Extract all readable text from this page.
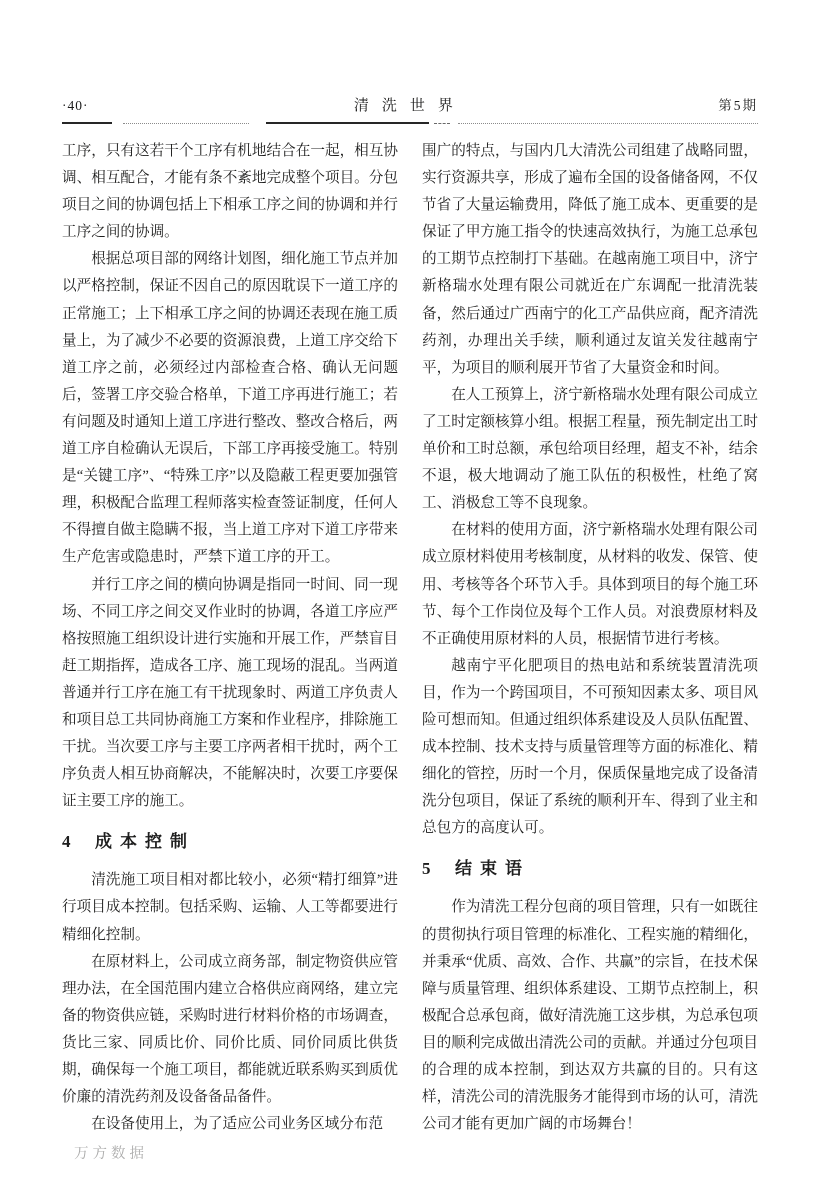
·40·	清洗世界	第5期

工序，只有这若干个工序有机地结合在一起，相互协调、相互配合，才能有条不紊地完成整个项目。分包项目之间的协调包括上下相承工序之间的协调和并行工序之间的协调。

根据总项目部的网络计划图，细化施工节点并加以严格控制，保证不因自己的原因耽误下一道工序的正常施工；上下相承工序之间的协调还表现在施工质量上，为了减少不必要的资源浪费，上道工序交给下道工序之前，必须经过内部检查合格、确认无问题后，签署工序交验合格单，下道工序再进行施工；若有问题及时通知上道工序进行整改、整改合格后，两道工序自检确认无误后，下部工序再接受施工。特别是“关键工序”、“特殊工序”以及隐蔽工程更要加强管理，积极配合监理工程师落实检查签证制度，任何人不得擅自做主隐瞒不报，当上道工序对下道工序带来生产危害或隐患时，严禁下道工序的开工。

并行工序之间的横向协调是指同一时间、同一现场、不同工序之间交叉作业时的协调，各道工序应严格按照施工组织设计进行实施和开展工作，严禁盲目赶工期指挥，造成各工序、施工现场的混乱。当两道普通并行工序在施工有干扰现象时、两道工序负责人和项目总工共同协商施工方案和作业程序，排除施工干扰。当次要工序与主要工序两者相干扰时，两个工序负责人相互协商解决，不能解决时，次要工序要保证主要工序的施工。

4 成本控制

清洗施工项目相对都比较小，必须“精打细算”进行项目成本控制。包括采购、运输、人工等都要进行精细化控制。

在原材料上，公司成立商务部，制定物资供应管理办法，在全国范围内建立合格供应商网络，建立完备的物资供应链，采购时进行材料价格的市场调查，货比三家、同质比价、同价比质、同价同质比供货期，确保每一个施工项目，都能就近联系购买到质优价廉的清洗药剂及设备备品备件。

在设备使用上，为了适应公司业务区域分布范

围广的特点，与国内几大清洗公司组建了战略同盟，实行资源共享，形成了遍布全国的设备储备网，不仅节省了大量运输费用，降低了施工成本、更重要的是保证了甲方施工指令的快速高效执行，为施工总承包的工期节点控制打下基础。在越南施工项目中，济宁新格瑞水处理有限公司就近在广东调配一批清洗装备，然后通过广西南宁的化工产品供应商，配齐清洗药剂，办理出关手续，顺利通过友谊关发往越南宁平，为项目的顺利展开节省了大量资金和时间。

在人工预算上，济宁新格瑞水处理有限公司成立了工时定额核算小组。根据工程量，预先制定出工时单价和工时总额，承包给项目经理，超支不补，结余不退，极大地调动了施工队伍的积极性，杜绝了窝工、消极怠工等不良现象。

在材料的使用方面，济宁新格瑞水处理有限公司成立原材料使用考核制度，从材料的收发、保管、使用、考核等各个环节入手。具体到项目的每个施工环节、每个工作岗位及每个工作人员。对浪费原材料及不正确使用原材料的人员，根据情节进行考核。

越南宁平化肥项目的热电站和系统装置清洗项目，作为一个跨国项目，不可预知因素太多、项目风险可想而知。但通过组织体系建设及人员队伍配置、成本控制、技术支持与质量管理等方面的标准化、精细化的管控，历时一个月，保质保量地完成了设备清洗分包项目，保证了系统的顺利开车、得到了业主和总包方的高度认可。

5 结束语

作为清洗工程分包商的项目管理，只有一如既往的贯彻执行项目管理的标准化、工程实施的精细化，并秉承“优质、高效、合作、共赢”的宗旨，在技术保障与质量管理、组织体系建设、工期节点控制上，积极配合总承包商，做好清洗施工这步棋，为总承包项目的顺利完成做出清洗公司的贡献。并通过分包项目的合理的成本控制，到达双方共赢的目的。只有这样，清洗公司的清洗服务才能得到市场的认可，清洗公司才能有更加广阔的市场舞台！

万方数据
